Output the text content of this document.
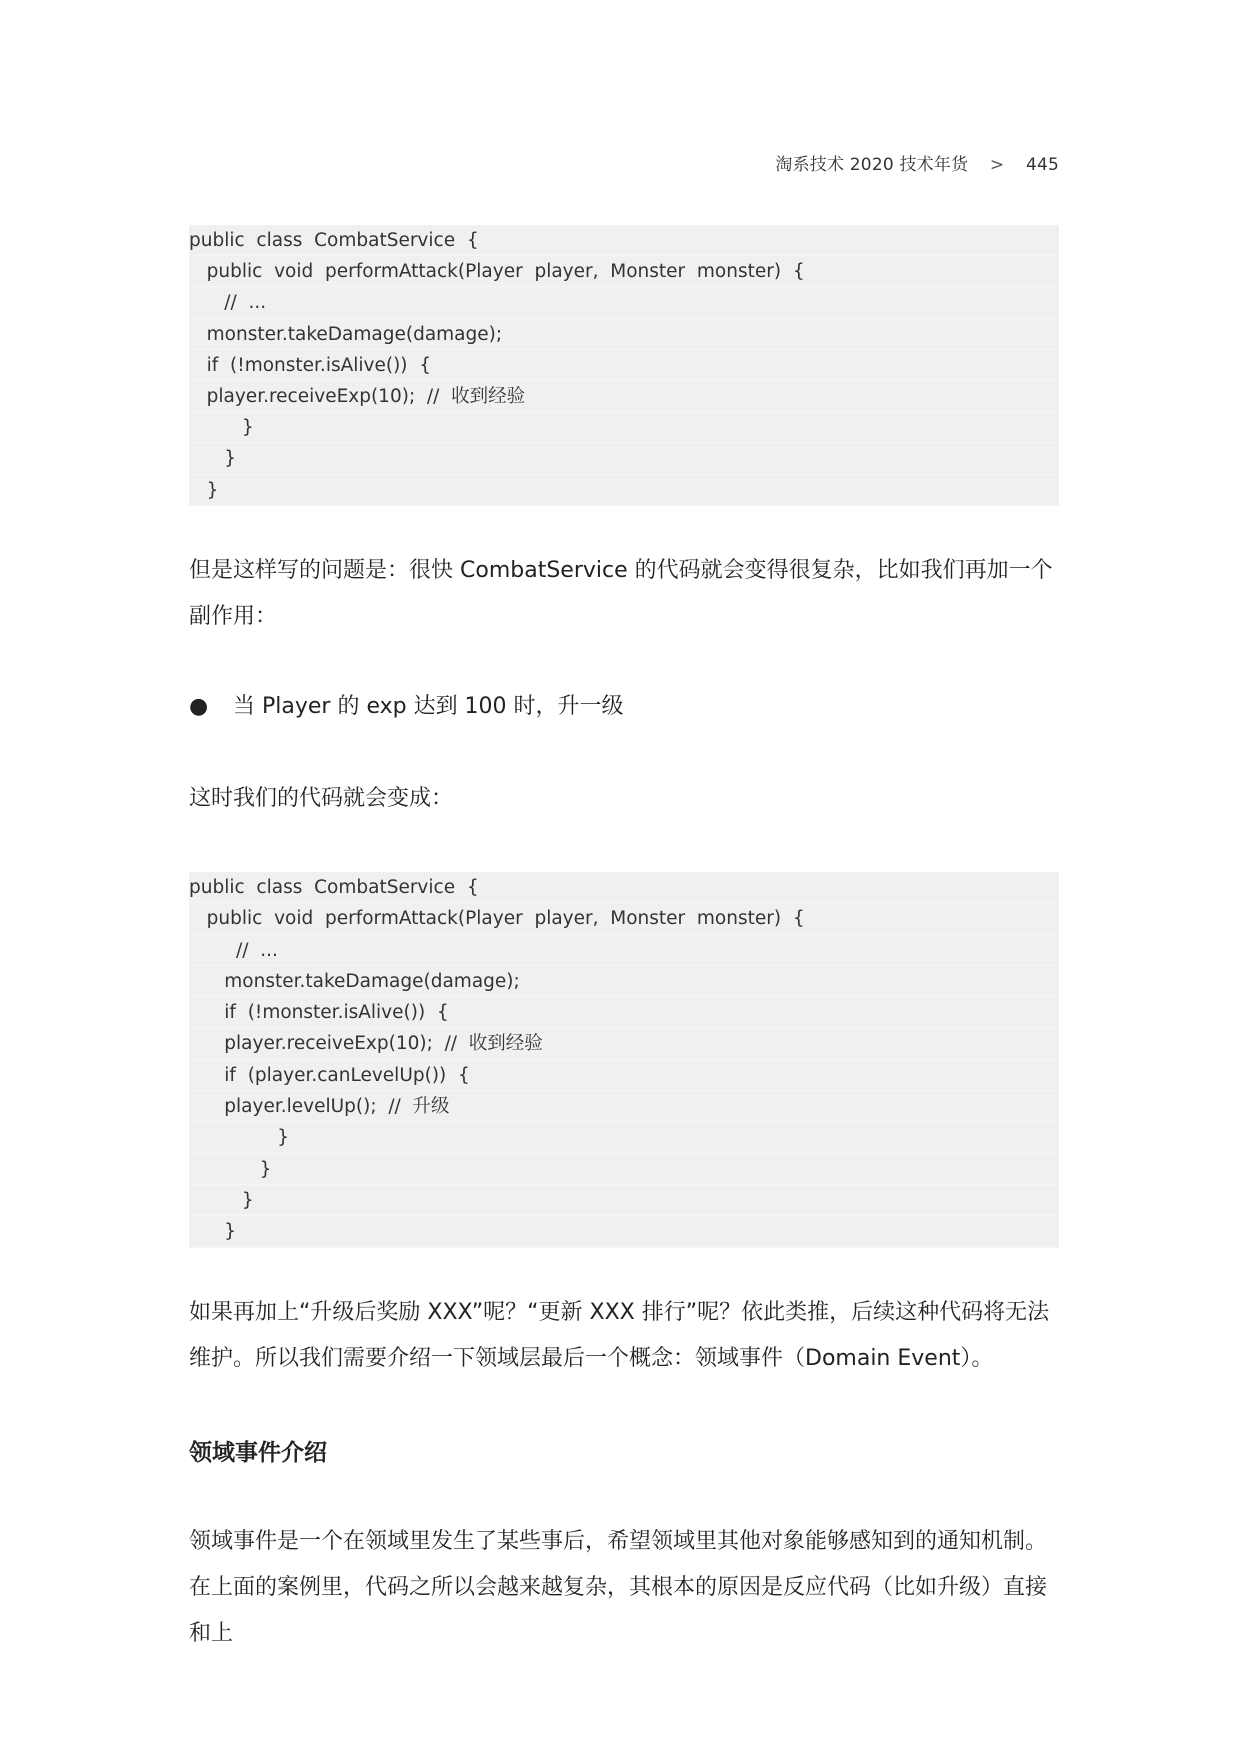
淘系技术 2020 技术年货 > 445
public  class  CombatService  {
public  void  performAttack(Player  player,  Monster  monster)  {
//  ...
monster.takeDamage(damage);
if  (!monster.isAlive())  {
player.receiveExp(10);  //  收到经验
}
}
}
但是这样写的问题是：很快 CombatService 的代码就会变得很复杂，比如我们再加一个副作用：
● 当 Player 的 exp 达到 100 时，升一级
这时我们的代码就会变成：
public  class  CombatService  {
public  void  performAttack(Player  player,  Monster  monster)  {
//  ...
monster.takeDamage(damage);
if  (!monster.isAlive())  {
player.receiveExp(10);  //  收到经验
if  (player.canLevelUp())  {
player.levelUp();  //  升级
}
}
}
}
如果再加上“升级后奖励 XXX”呢？“更新 XXX 排行”呢？依此类推，后续这种代码将无法维护。所以我们需要介绍一下领域层最后一个概念：领域事件（Domain Event）。
领域事件介绍
领域事件是一个在领域里发生了某些事后，希望领域里其他对象能够感知到的通知机制。在上面的案例里，代码之所以会越来越复杂，其根本的原因是反应代码（比如升级）直接和上
